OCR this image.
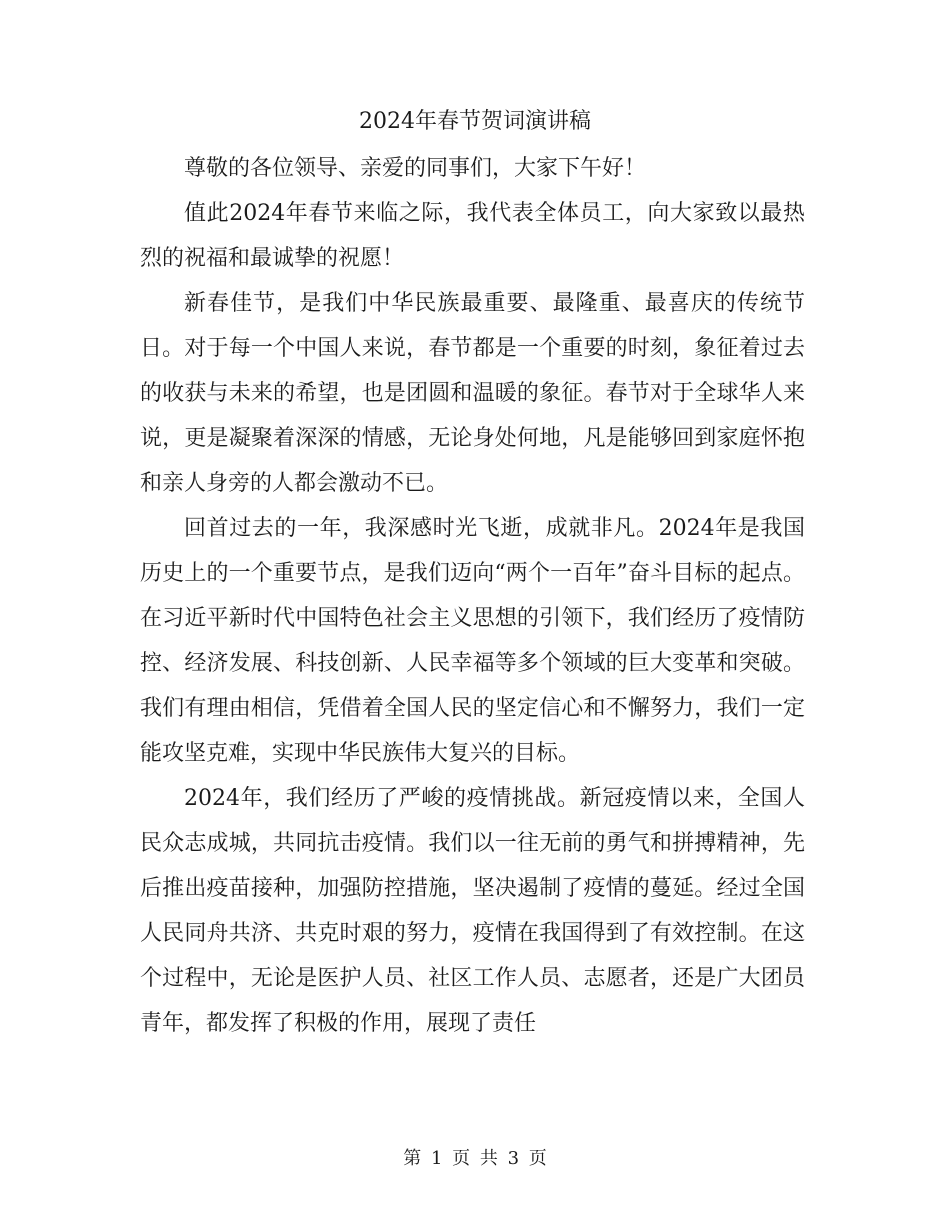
2024年春节贺词演讲稿

尊敬的各位领导、亲爱的同事们，大家下午好！

值此2024年春节来临之际，我代表全体员工，向大家致以最热烈的祝福和最诚挚的祝愿！

新春佳节，是我们中华民族最重要、最隆重、最喜庆的传统节日。对于每一个中国人来说，春节都是一个重要的时刻，象征着过去的收获与未来的希望，也是团圆和温暖的象征。春节对于全球华人来说，更是凝聚着深深的情感，无论身处何地，凡是能够回到家庭怀抱和亲人身旁的人都会激动不已。

回首过去的一年，我深感时光飞逝，成就非凡。2024年是我国历史上的一个重要节点，是我们迈向“两个一百年”奋斗目标的起点。在习近平新时代中国特色社会主义思想的引领下，我们经历了疫情防控、经济发展、科技创新、人民幸福等多个领域的巨大变革和突破。我们有理由相信，凭借着全国人民的坚定信心和不懈努力，我们一定能攻坚克难，实现中华民族伟大复兴的目标。

2024年，我们经历了严峻的疫情挑战。新冠疫情以来，全国人民众志成城，共同抗击疫情。我们以一往无前的勇气和拼搏精神，先后推出疫苗接种，加强防控措施，坚决遏制了疫情的蔓延。经过全国人民同舟共济、共克时艰的努力，疫情在我国得到了有效控制。在这个过程中，无论是医护人员、社区工作人员、志愿者，还是广大团员青年，都发挥了积极的作用，展现了责任

第 1 页 共 3 页
